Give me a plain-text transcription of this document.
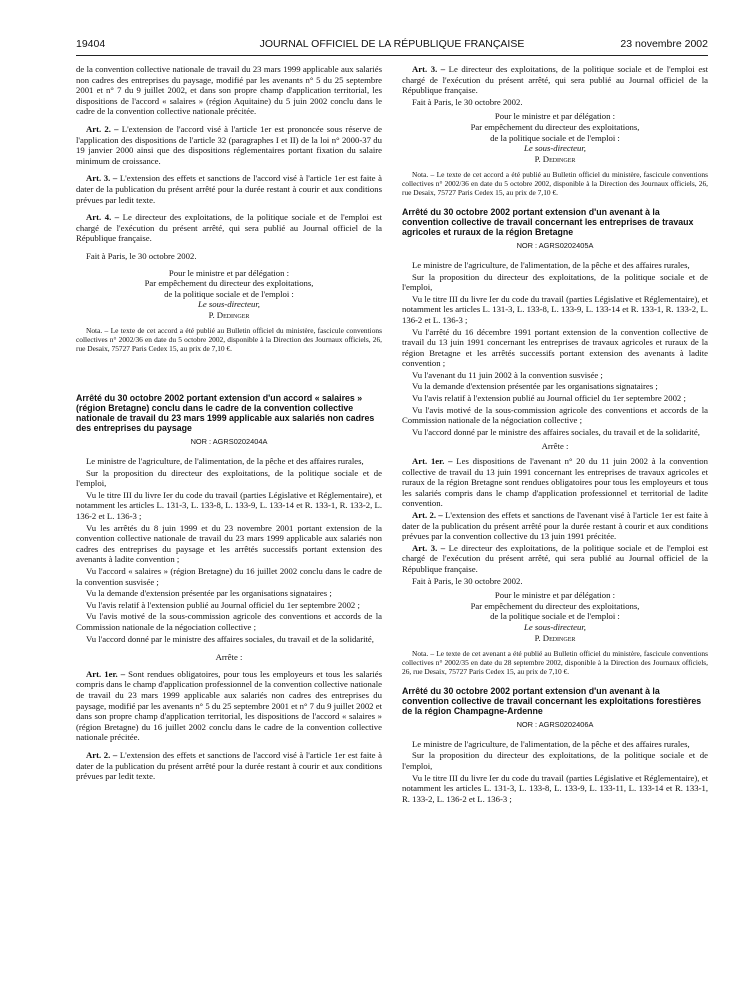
19404	JOURNAL OFFICIEL DE LA RÉPUBLIQUE FRANÇAISE	23 novembre 2002

de la convention collective nationale de travail du 23 mars 1999 applicable aux salariés non cadres des entreprises du paysage, modifié par les avenants n° 5 du 25 septembre 2001 et n° 7 du 9 juillet 2002, et dans son propre champ d'application territorial, les dispositions de l'accord « salaires » (région Aquitaine) du 5 juin 2002 conclu dans le cadre de la convention collective nationale précitée.

Art. 2. – L'extension de l'accord visé à l'article 1er est prononcée sous réserve de l'application des dispositions de l'article 32 (paragraphes I et II) de la loi n° 2000-37 du 19 janvier 2000 ainsi que des dispositions réglementaires portant fixation du salaire minimum de croissance.

Art. 3. – L'extension des effets et sanctions de l'accord visé à l'article 1er est faite à dater de la publication du présent arrêté pour la durée restant à courir et aux conditions prévues par ledit texte.

Art. 4. – Le directeur des exploitations, de la politique sociale et de l'emploi est chargé de l'exécution du présent arrêté, qui sera publié au Journal officiel de la République française.

Fait à Paris, le 30 octobre 2002.

Pour le ministre et par délégation :

Par empêchement du directeur des exploitations,

de la politique sociale et de l'emploi :

Le sous-directeur,

P. Dedinger

Nota. – Le texte de cet accord a été publié au Bulletin officiel du ministère, fascicule conventions collectives n° 2002/36 en date du 5 octobre 2002, disponible à la Direction des Journaux officiels, 26, rue Desaix, 75727 Paris Cedex 15, au prix de 7,10 €.

Arrêté du 30 octobre 2002 portant extension d'un accord « salaires » (région Bretagne) conclu dans le cadre de la convention collective nationale de travail du 23 mars 1999 applicable aux salariés non cadres des entreprises du paysage

NOR : AGRS0202404A

Le ministre de l'agriculture, de l'alimentation, de la pêche et des affaires rurales,

Sur la proposition du directeur des exploitations, de la politique sociale et de l'emploi,

Vu le titre III du livre Ier du code du travail (parties Législative et Réglementaire), et notamment les articles L. 131-3, L. 133-8, L. 133-9, L. 133-14 et R. 133-1, R. 133-2, L. 136-2 et L. 136-3 ;

Vu les arrêtés du 8 juin 1999 et du 23 novembre 2001 portant extension de la convention collective nationale de travail du 23 mars 1999 applicable aux salariés non cadres des entreprises du paysage et les arrêtés successifs portant extension des avenants à ladite convention ;

Vu l'accord « salaires » (région Bretagne) du 16 juillet 2002 conclu dans le cadre de la convention susvisée ;

Vu la demande d'extension présentée par les organisations signataires ;

Vu l'avis relatif à l'extension publié au Journal officiel du 1er septembre 2002 ;

Vu l'avis motivé de la sous-commission agricole des conventions et accords de la Commission nationale de la négociation collective ;

Vu l'accord donné par le ministre des affaires sociales, du travail et de la solidarité,

Arrête :

Art. 1er. – Sont rendues obligatoires, pour tous les employeurs et tous les salariés compris dans le champ d'application professionnel de la convention collective nationale de travail du 23 mars 1999 applicable aux salariés non cadres des entreprises du paysage, modifié par les avenants n° 5 du 25 septembre 2001 et n° 7 du 9 juillet 2002 et dans son propre champ d'application territorial, les dispositions de l'accord « salaires » (région Bretagne) du 16 juillet 2002 conclu dans le cadre de la convention collective nationale précitée.

Art. 2. – L'extension des effets et sanctions de l'accord visé à l'article 1er est faite à dater de la publication du présent arrêté pour la durée restant à courir et aux conditions prévues par ledit texte.

Art. 3. – Le directeur des exploitations, de la politique sociale et de l'emploi est chargé de l'exécution du présent arrêté, qui sera publié au Journal officiel de la République française.

Fait à Paris, le 30 octobre 2002.

Pour le ministre et par délégation :

Par empêchement du directeur des exploitations,

de la politique sociale et de l'emploi :

Le sous-directeur,

P. Dedinger

Nota. – Le texte de cet accord a été publié au Bulletin officiel du ministère, fascicule conventions collectives n° 2002/36 en date du 5 octobre 2002, disponible à la Direction des Journaux officiels, 26, rue Desaix, 75727 Paris Cedex 15, au prix de 7,10 €.

Arrêté du 30 octobre 2002 portant extension d'un avenant à la convention collective de travail concernant les entreprises de travaux agricoles et ruraux de la région Bretagne

NOR : AGRS0202405A

Le ministre de l'agriculture, de l'alimentation, de la pêche et des affaires rurales,

Sur la proposition du directeur des exploitations, de la politique sociale et de l'emploi,

Vu le titre III du livre Ier du code du travail (parties Législative et Réglementaire), et notamment les articles L. 131-3, L. 133-8, L. 133-9, L. 133-14 et R. 133-1, R. 133-2, L. 136-2 et L. 136-3 ;

Vu l'arrêté du 16 décembre 1991 portant extension de la convention collective de travail du 13 juin 1991 concernant les entreprises de travaux agricoles et ruraux de la région Bretagne et les arrêtés successifs portant extension des avenants à ladite convention ;

Vu l'avenant du 11 juin 2002 à la convention susvisée ;

Vu la demande d'extension présentée par les organisations signataires ;

Vu l'avis relatif à l'extension publié au Journal officiel du 1er septembre 2002 ;

Vu l'avis motivé de la sous-commission agricole des conventions et accords de la Commission nationale de la négociation collective ;

Vu l'accord donné par le ministre des affaires sociales, du travail et de la solidarité,

Arrête :

Art. 1er. – Les dispositions de l'avenant n° 20 du 11 juin 2002 à la convention collective de travail du 13 juin 1991 concernant les entreprises de travaux agricoles et ruraux de la région Bretagne sont rendues obligatoires pour tous les employeurs et tous les salariés compris dans le champ d'application professionnel et territorial de ladite convention.

Art. 2. – L'extension des effets et sanctions de l'avenant visé à l'article 1er est faite à dater de la publication du présent arrêté pour la durée restant à courir et aux conditions prévues par la convention collective du 13 juin 1991 précitée.

Art. 3. – Le directeur des exploitations, de la politique sociale et de l'emploi est chargé de l'exécution du présent arrêté, qui sera publié au Journal officiel de la République française.

Fait à Paris, le 30 octobre 2002.

Pour le ministre et par délégation :

Par empêchement du directeur des exploitations,

de la politique sociale et de l'emploi :

Le sous-directeur,

P. Dedinger

Nota. – Le texte de cet avenant a été publié au Bulletin officiel du ministère, fascicule conventions collectives n° 2002/35 en date du 28 septembre 2002, disponible à la Direction des Journaux officiels, 26, rue Desaix, 75727 Paris Cedex 15, au prix de 7,10 €.

Arrêté du 30 octobre 2002 portant extension d'un avenant à la convention collective de travail concernant les exploitations forestières de la région Champagne-Ardenne

NOR : AGRS0202406A

Le ministre de l'agriculture, de l'alimentation, de la pêche et des affaires rurales,

Sur la proposition du directeur des exploitations, de la politique sociale et de l'emploi,

Vu le titre III du livre Ier du code du travail (parties Législative et Réglementaire), et notamment les articles L. 131-3, L. 133-8, L. 133-9, L. 133-11, L. 133-14 et R. 133-1, R. 133-2, L. 136-2 et L. 136-3 ;
